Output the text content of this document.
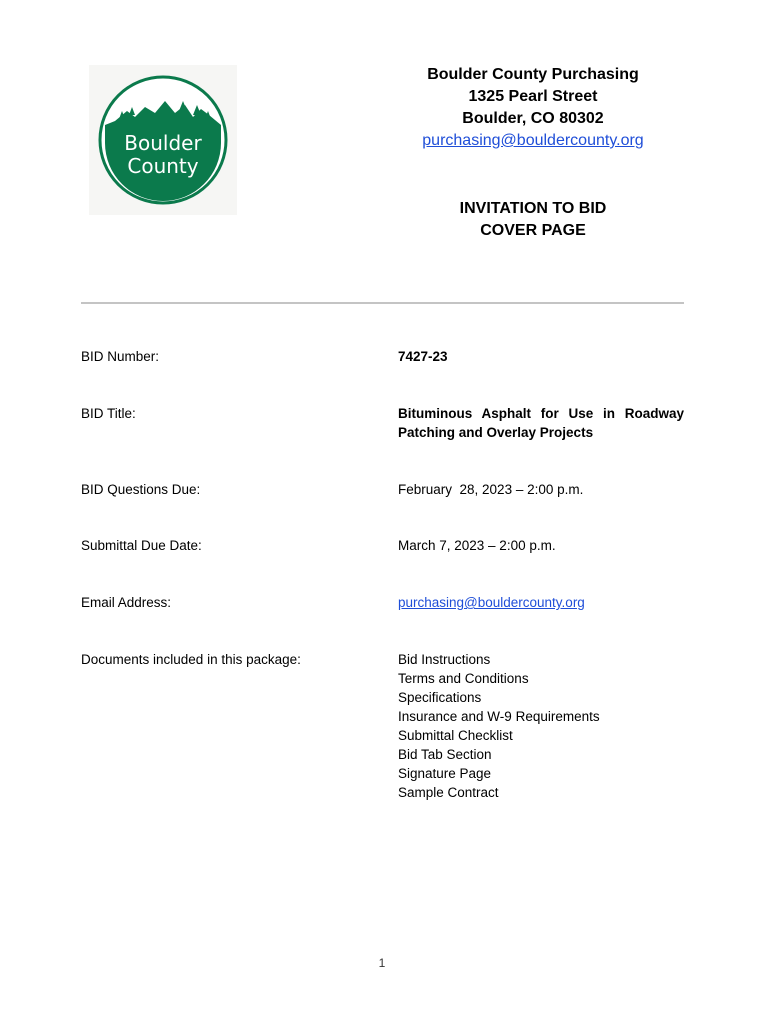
Boulder
County
Boulder County Purchasing
1325 Pearl Street
Boulder, CO 80302
purchasing@bouldercounty.org
INVITATION TO BID
COVER PAGE
BID Number:	7427-23
BID Title:	Bituminous Asphalt for Use in Roadway Patching and Overlay Projects
BID Questions Due:	February  28, 2023 – 2:00 p.m.
Submittal Due Date:	March 7, 2023 – 2:00 p.m.
Email Address:	purchasing@bouldercounty.org
Documents included in this package:	Bid Instructions
Terms and Conditions
Specifications
Insurance and W-9 Requirements
Submittal Checklist
Bid Tab Section
Signature Page
Sample Contract
1
